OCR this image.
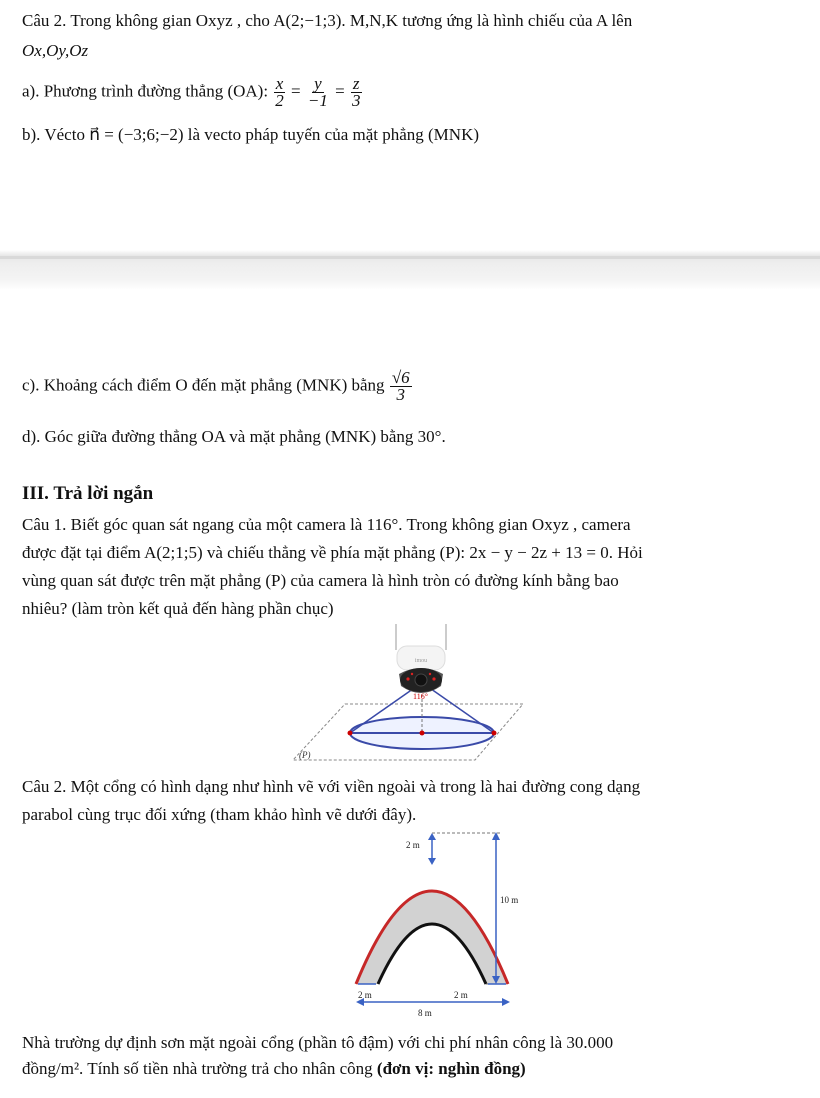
Câu 2. Trong không gian Oxyz , cho A(2;−1;3). M,N,K tương ứng là hình chiếu của A lên
Ox,Oy,Oz
a). Phương trình đường thẳng (OA): $\frac{x}{2} = \frac{y}{-1} = \frac{z}{3}$
b). Vécto n⃗ = (−3;6;−2) là vecto pháp tuyến của mặt phẳng (MNK)
c). Khoảng cách điểm O đến mặt phẳng (MNK) bằng $\frac{√6}{3}$
d). Góc giữa đường thẳng OA và mặt phẳng (MNK) bằng 30°.
III. Trả lời ngắn
Câu 1. Biết góc quan sát ngang của một camera là 116°. Trong không gian Oxyz , camera
được đặt tại điểm A(2;1;5) và chiếu thẳng về phía mặt phẳng (P): 2x − y − 2z + 13 = 0. Hỏi
vùng quan sát được trên mặt phẳng (P) của camera là hình tròn có đường kính bằng bao
nhiêu? (làm tròn kết quả đến hàng phần chục)
imou
116°
(P)
Câu 2. Một cổng có hình dạng như hình vẽ với viền ngoài và trong là hai đường cong dạng
parabol cùng trục đối xứng (tham khảo hình vẽ dưới đây).
10 m
2 m
2 m	2 m
8 m
Nhà trường dự định sơn mặt ngoài cổng (phần tô đậm) với chi phí nhân công là 30.000
đồng/m². Tính số tiền nhà trường trả cho nhân công (đơn vị: nghìn đồng)
